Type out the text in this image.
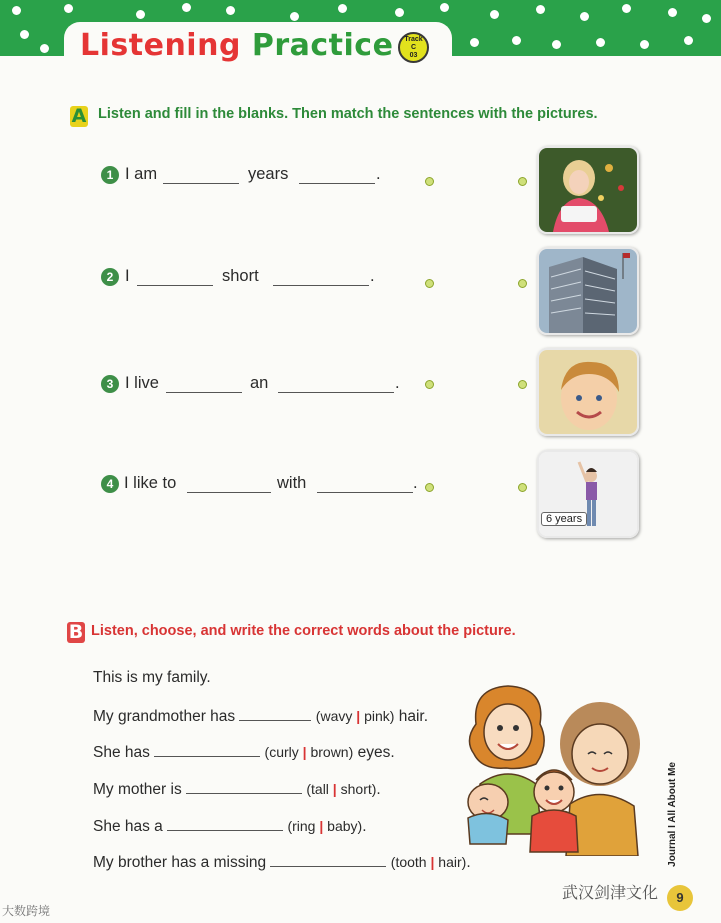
Listening Practice	Track
C
03
A Listen and fill in the blanks. Then match the sentences with the pictures.
1 I am	years	.
2 I	short	.
3 I live	an	.
4 I like to	with	.
6 years
B Listen, choose, and write the correct words about the picture.
This is my family.
My grandmother has	(wavy | pink) hair.
She has	(curly | brown) eyes.
My mother is	(tall | short).
She has a	(ring | baby).
My brother has a missing	(tooth | hair).	Journal I All About Me
9
大数跨境
武汉剑津文化
